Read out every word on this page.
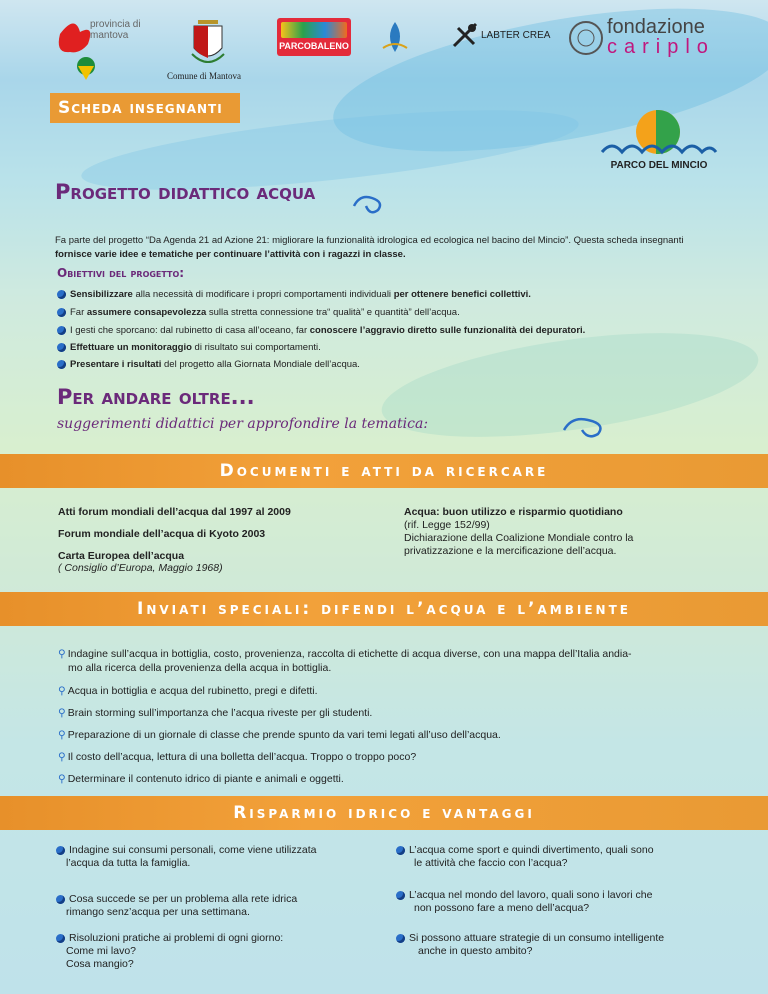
provincia di mantova
Comune di Mantova
PARCOBALENO
LABTER CREA	fondazione
cariplo
Scheda insegnanti
PARCO DEL MINCIO
Progetto didattico acqua
Fa parte del progetto “Da Agenda 21 ad Azione 21: migliorare la funzionalità idrologica ed ecologica nel bacino del Mincio”. Questa scheda insegnanti fornisce varie idee e tematiche per continuare l’attività con i ragazzi in classe.
Obiettivi del progetto:
Sensibilizzare alla necessità di modificare i propri comportamenti individuali per ottenere benefici collettivi.
Far assumere consapevolezza sulla stretta connessione tra“ qualità” e quantità” dell’acqua.
I gesti che sporcano: dal rubinetto di casa all’oceano, far conoscere l’aggravio diretto sulle funzionalità dei depuratori.
Effettuare un monitoraggio di risultato sui comportamenti.
Presentare i risultati del progetto alla Giornata Mondiale dell’acqua.
Per andare oltre...
suggerimenti didattici per approfondire la tematica:
Documenti e atti da ricercare
Atti forum mondiali dell’acqua dal 1997 al 2009
Forum mondiale dell’acqua di Kyoto 2003
Carta Europea dell’acqua
( Consiglio d’Europa, Maggio 1968)
Acqua: buon utilizzo e risparmio quotidiano
(rif. Legge 152/99)
Dichiarazione della Coalizione Mondiale contro la
privatizzazione e la mercificazione dell’acqua.
Inviati speciali: difendi l’acqua e l’ambiente
⚲ Indagine sull’acqua in bottiglia, costo, provenienza, raccolta di etichette di acqua diverse, con una mappa dell’Italia andia-
mo alla ricerca della provenienza della acqua in bottiglia.
⚲ Acqua in bottiglia e acqua del rubinetto, pregi e difetti.
⚲ Brain storming sull’importanza che l’acqua riveste per gli studenti.
⚲ Preparazione di un giornale di classe che prende spunto da vari temi legati all’uso dell’acqua.
⚲ Il costo dell’acqua, lettura di una bolletta dell’acqua. Troppo o troppo poco?
⚲ Determinare il contenuto idrico di piante e animali e oggetti.
Risparmio idrico e vantaggi
Indagine sui consumi personali, come viene utilizzata
l’acqua da tutta la famiglia.
Cosa succede se per un problema alla rete idrica
rimango senz’acqua per una settimana.
Risoluzioni pratiche ai problemi di ogni giorno:
Come mi lavo?
Cosa mangio?
L’acqua come sport e quindi divertimento, quali sono
le attività che faccio con l’acqua?
L’acqua nel mondo del lavoro, quali sono i lavori che
non possono fare a meno dell’acqua?
Si possono attuare strategie di un consumo intelligente
anche in questo ambito?
